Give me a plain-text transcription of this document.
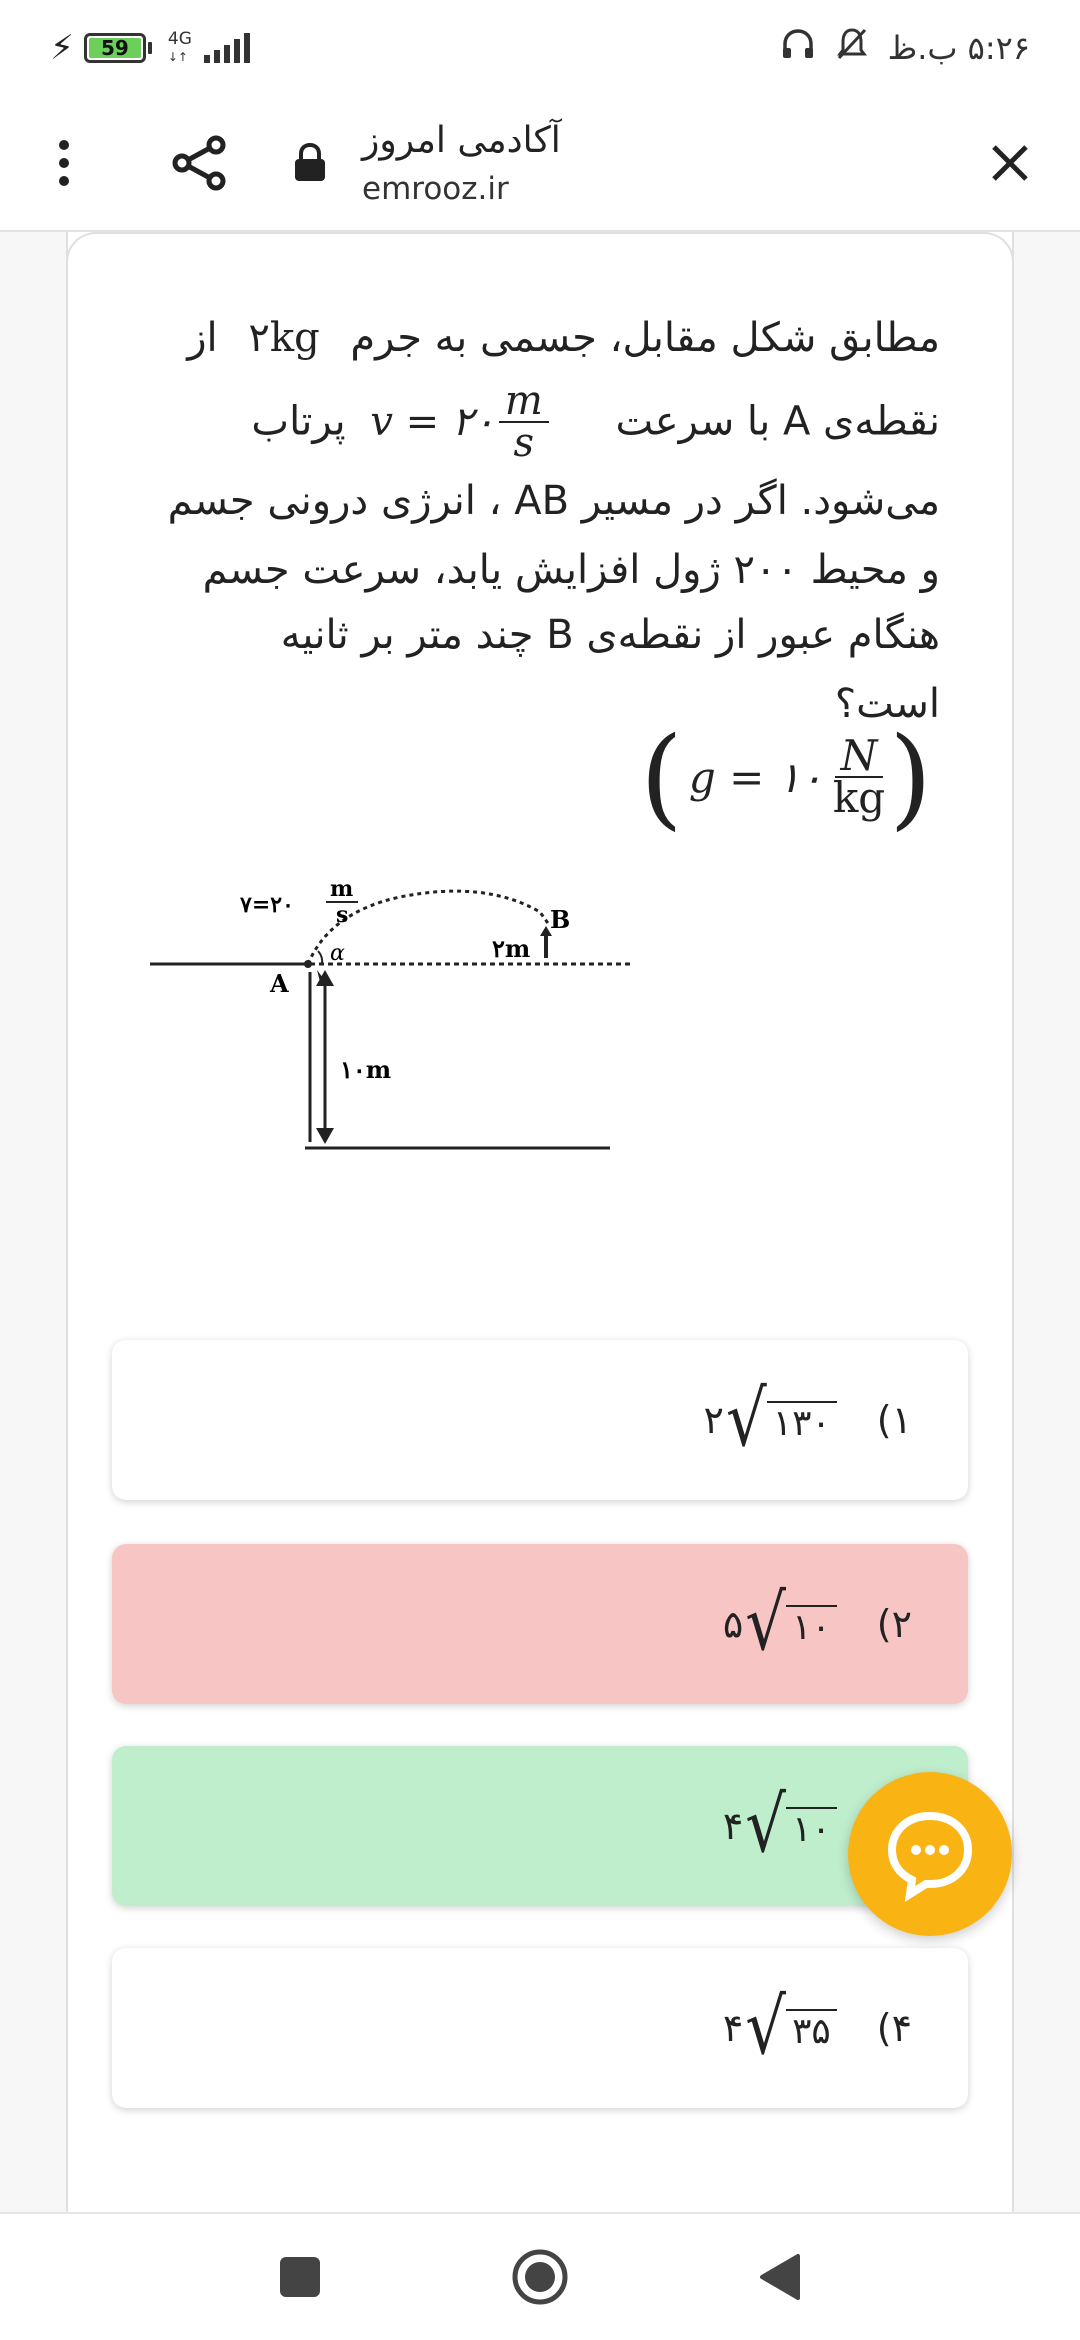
⚡	59	4G
↓↑	۵:۲۶ ب.ظ
آکادمی امروز
emrooz.ir
مطابق شکل مقابل، جسمی به جرم ۲kg از
نقطه‌ی A با سرعت
v = ۲۰ $\frac{m}{s}$
پرتاب
می‌شود. اگر در مسیر AB ، انرژی درونی جسم
و محیط ۲۰۰ ژول افزایش یابد، سرعت جسم
هنگام عبور از نقطه‌ی B چند متر بر ثانیه
است؟
( g = ۱۰ $\frac{N}{kg}$ )
۷=۲۰
m
s
α
A
B
۲m
۱۰m
۲ √ ۱۳۰ ۱)
۵ √ ۱۰ ۲)
۴ √ ۱۰
۴ √ ۳۵ ۴)
